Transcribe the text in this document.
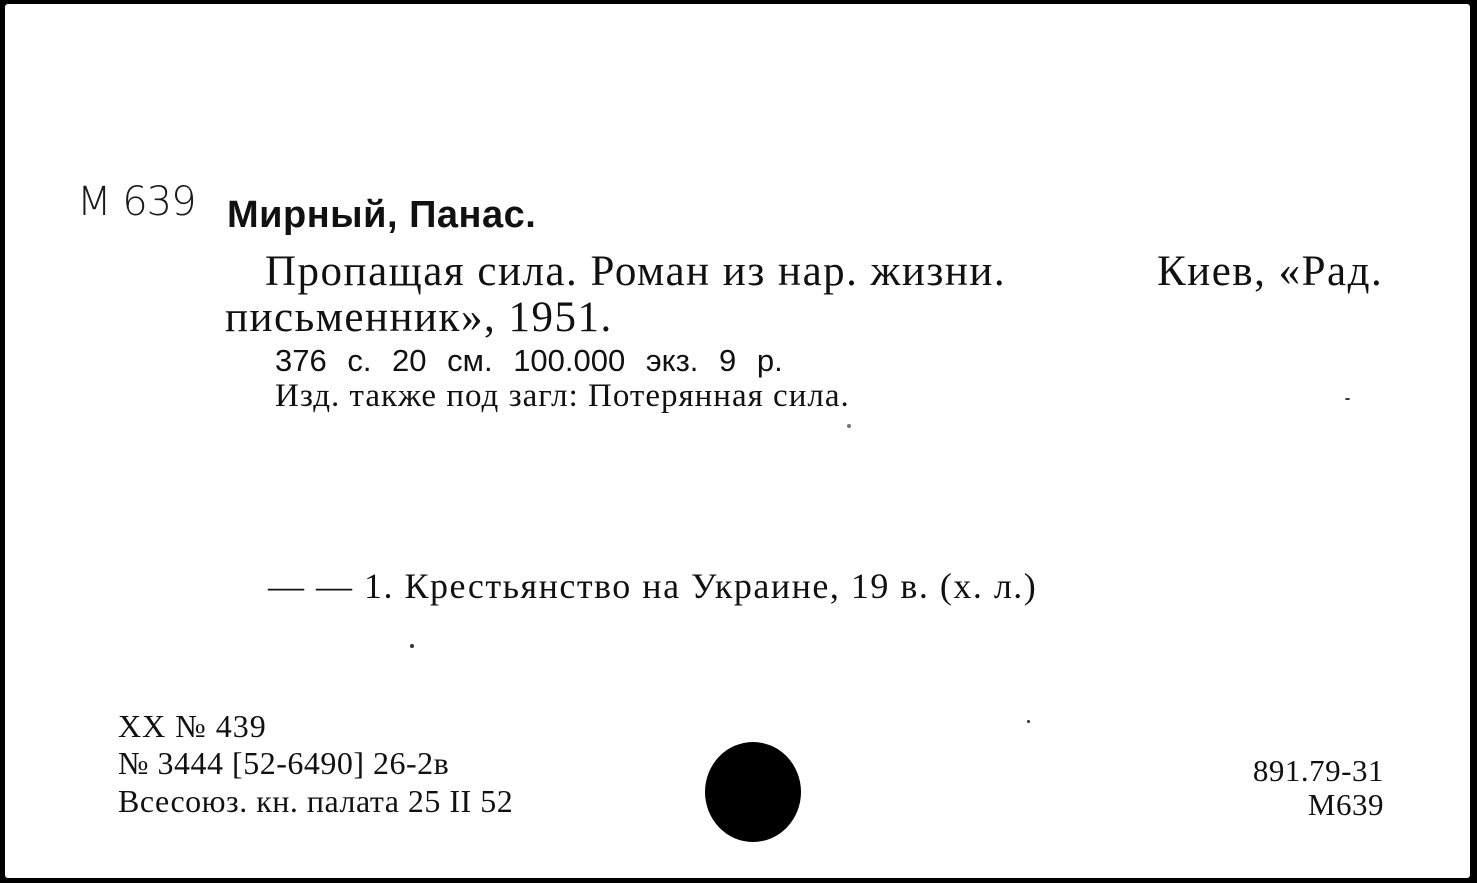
М 639 Мирный, Панас.
Пропащая сила. Роман из нар. жизни.	Киев, «Рад.
письменник», 1951.
376 с. 20 см. 100.000 экз. 9 р.
Изд. также под загл: Потерянная сила.
— — 1. Крестьянство на Украине, 19 в. (х. л.)
XX № 439
№ 3444 [52-6490] 26-2в
Всесоюз. кн. палата 25 II 52
891.79-31
М639
